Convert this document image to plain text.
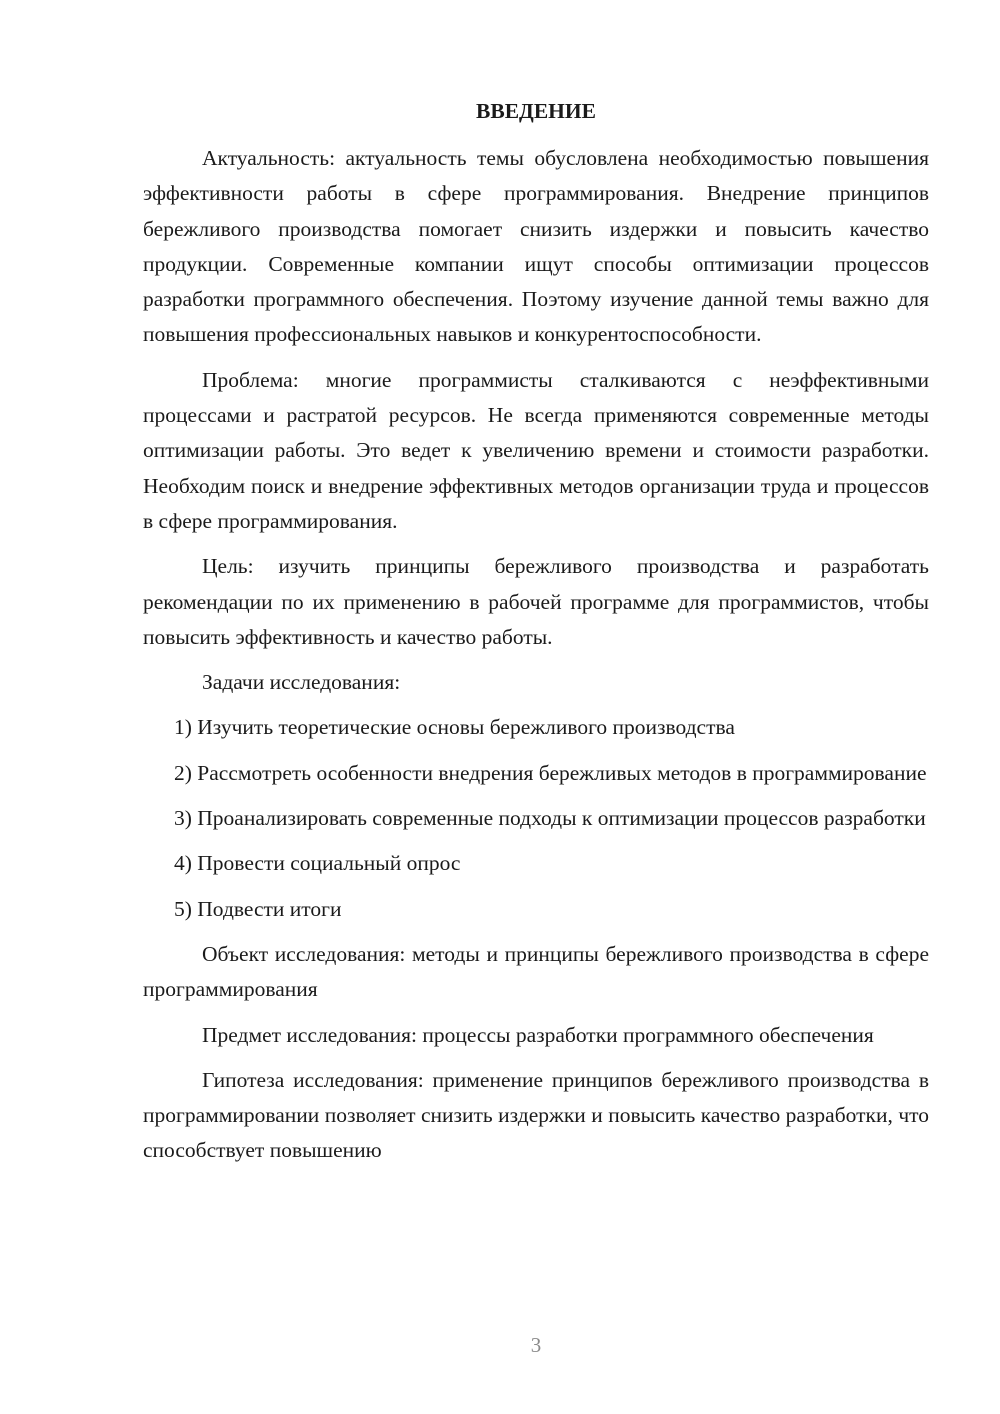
ВВЕДЕНИЕ

Актуальность: актуальность темы обусловлена необходимостью повышения эффективности работы в сфере программирования. Внедрение принципов бережливого производства помогает снизить издержки и повысить качество продукции. Современные компании ищут способы оптимизации процессов разработки программного обеспечения. Поэтому изучение данной темы важно для повышения профессиональных навыков и конкурентоспособности.

Проблема: многие программисты сталкиваются с неэффективными процессами и растратой ресурсов. Не всегда применяются современные методы оптимизации работы. Это ведет к увеличению времени и стоимости разработки. Необходим поиск и внедрение эффективных методов организации труда и процессов в сфере программирования.

Цель: изучить принципы бережливого производства и разработать рекомендации по их применению в рабочей программе для программистов, чтобы повысить эффективность и качество работы.

Задачи исследования:

1) Изучить теоретические основы бережливого производства

2) Рассмотреть особенности внедрения бережливых методов в программирование

3) Проанализировать современные подходы к оптимизации процессов разработки

4) Провести социальный опрос

5) Подвести итоги

Объект исследования: методы и принципы бережливого производства в сфере программирования

Предмет исследования: процессы разработки программного обеспечения

Гипотеза исследования: применение принципов бережливого производства в программировании позволяет снизить издержки и повысить качество разработки, что способствует повышению

3
